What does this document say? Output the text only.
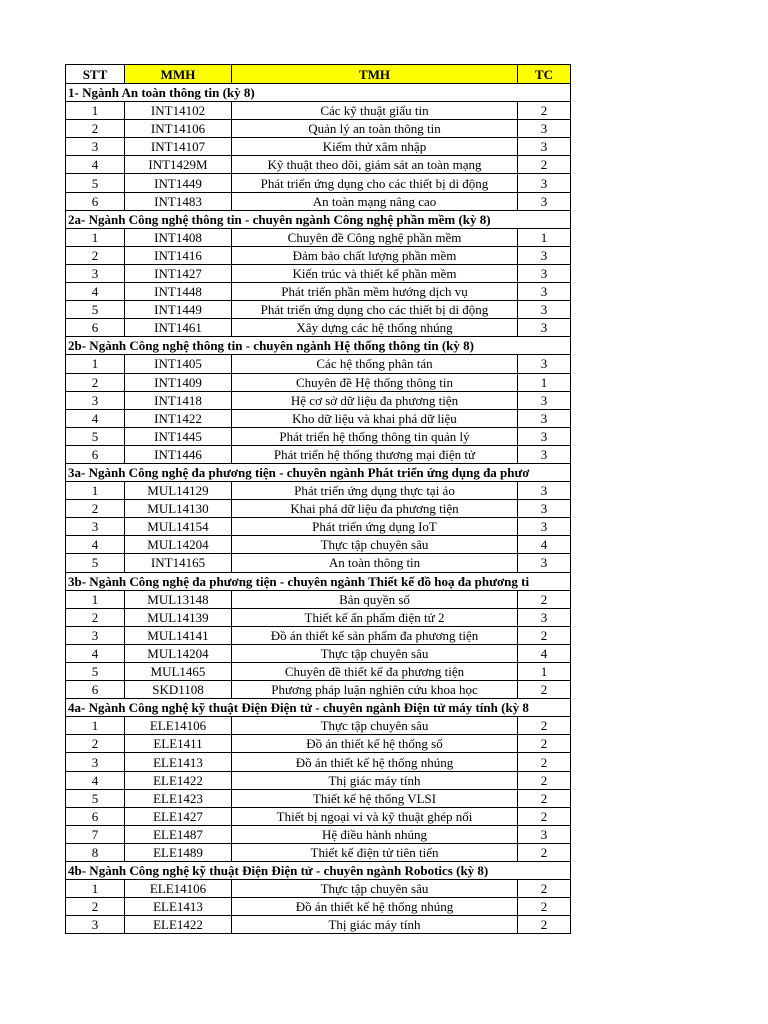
STT	MMH	TMH	TC
1- Ngành An toàn thông tin (kỳ 8)			
1	INT14102	Các kỹ thuật giấu tin	2
2	INT14106	Quản lý an toàn thông tin	3
3	INT14107	Kiểm thử xâm nhập	3
4	INT1429M	Kỹ thuật theo dõi, giám sát an toàn mạng	2
5	INT1449	Phát triển ứng dụng cho các thiết bị di động	3
6	INT1483	An toàn mạng nâng cao	3
2a- Ngành Công nghệ thông tin - chuyên ngành Công nghệ phần mềm (kỳ 8)			
1	INT1408	Chuyên đề Công nghệ phần mềm	1
2	INT1416	Đảm bảo chất lượng phần mềm	3
3	INT1427	Kiến trúc và thiết kế phần mềm	3
4	INT1448	Phát triển phần mềm hướng dịch vụ	3
5	INT1449	Phát triển ứng dụng cho các thiết bị di động	3
6	INT1461	Xây dựng các hệ thống nhúng	3
2b- Ngành Công nghệ thông tin - chuyên ngành Hệ thống thông tin (kỳ 8)			
1	INT1405	Các hệ thống phân tán	3
2	INT1409	Chuyên đề Hệ thống thông tin	1
3	INT1418	Hệ cơ sở dữ liệu đa phương tiện	3
4	INT1422	Kho dữ liệu và khai phá dữ liệu	3
5	INT1445	Phát triển hệ thống thông tin quản lý	3
6	INT1446	Phát triển hệ thống thương mại điện tử	3
3a- Ngành Công nghệ đa phương tiện - chuyên ngành Phát triển ứng dụng đa phươ			
1	MUL14129	Phát triển ứng dụng thực tại ảo	3
2	MUL14130	Khai phá dữ liệu đa phương tiện	3
3	MUL14154	Phát triển ứng dụng IoT	3
4	MUL14204	Thực tập chuyên sâu	4
5	INT14165	An toàn thông tin	3
3b- Ngành Công nghệ đa phương tiện - chuyên ngành Thiết kế đồ hoạ đa phương ti			
1	MUL13148	Bản quyền số	2
2	MUL14139	Thiết kế ấn phẩm điện tử 2	3
3	MUL14141	Đồ án thiết kế sản phẩm đa phương tiện	2
4	MUL14204	Thực tập chuyên sâu	4
5	MUL1465	Chuyên đề thiết kế đa phương tiện	1
6	SKD1108	Phương pháp luận nghiên cứu khoa học	2
4a- Ngành Công nghệ kỹ thuật Điện Điện tử - chuyên ngành Điện tử máy tính (kỳ 8			
1	ELE14106	Thực tập chuyên sâu	2
2	ELE1411	Đồ án thiết kế hệ thống số	2
3	ELE1413	Đồ án thiết kế hệ thống nhúng	2
4	ELE1422	Thị giác máy tính	2
5	ELE1423	Thiết kế hệ thống VLSI	2
6	ELE1427	Thiết bị ngoại vi và kỹ thuật ghép nối	2
7	ELE1487	Hệ điều hành nhúng	3
8	ELE1489	Thiết kế điện tử tiên tiến	2
4b- Ngành Công nghệ kỹ thuật Điện Điện tử - chuyên ngành Robotics (kỳ 8)			
1	ELE14106	Thực tập chuyên sâu	2
2	ELE1413	Đồ án thiết kế hệ thống nhúng	2
3	ELE1422	Thị giác máy tính	2
